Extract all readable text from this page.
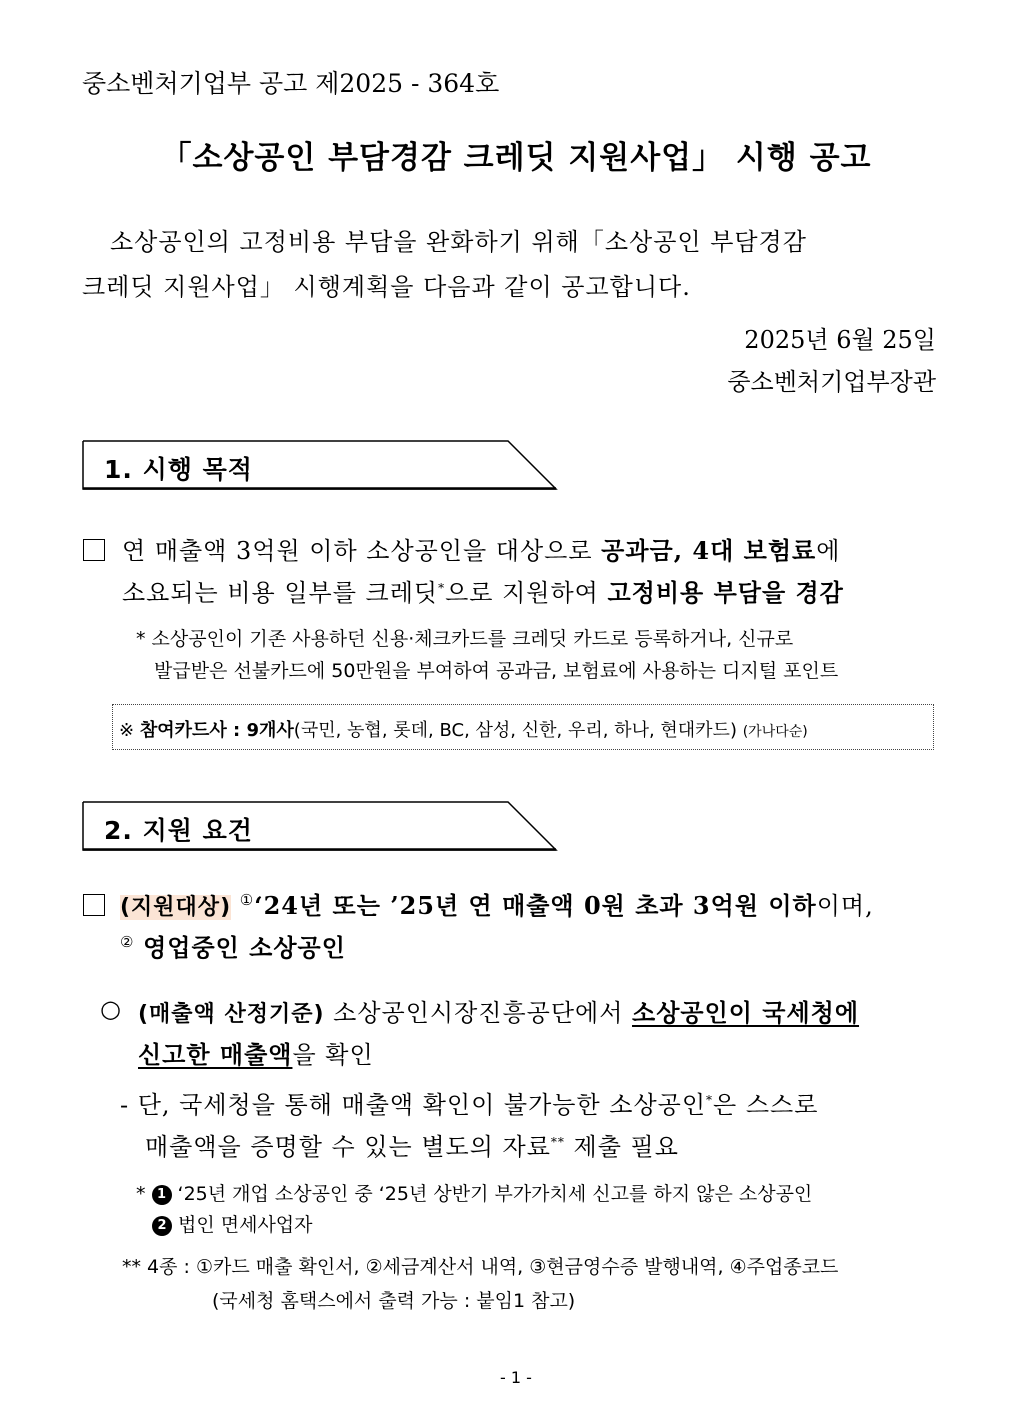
중소벤처기업부 공고 제2025 - 364호
「소상공인 부담경감 크레딧 지원사업」 시행 공고
소상공인의 고정비용 부담을 완화하기 위해「소상공인 부담경감
크레딧 지원사업」 시행계획을 다음과 같이 공고합니다.
2025년 6월 25일
중소벤처기업부장관
1. 시행 목적
연 매출액 3억원 이하 소상공인을 대상으로 공과금, 4대 보험료에
소요되는 비용 일부를 크레딧*으로 지원하여 고정비용 부담을 경감
* 소상공인이 기존 사용하던 신용·체크카드를 크레딧 카드로 등록하거나, 신규로
발급받은 선불카드에 50만원을 부여하여 공과금, 보험료에 사용하는 디지털 포인트
※ 참여카드사 : 9개사(국민, 농협, 롯데, BC, 삼성, 신한, 우리, 하나, 현대카드) (가나다순)
2. 지원 요건
(지원대상) ①‘24년 또는 ’25년 연 매출액 0원 초과 3억원 이하이며,
② 영업중인 소상공인
○ (매출액 산정기준) 소상공인시장진흥공단에서 소상공인이 국세청에
신고한 매출액을 확인
- 단, 국세청을 통해 매출액 확인이 불가능한 소상공인*은 스스로
매출액을 증명할 수 있는 별도의 자료** 제출 필요
* 1 ‘25년 개업 소상공인 중 ‘25년 상반기 부가가치세 신고를 하지 않은 소상공인
2 법인 면세사업자
** 4종 : ①카드 매출 확인서, ②세금계산서 내역, ③현금영수증 발행내역, ④주업종코드
(국세청 홈택스에서 출력 가능 : 붙임1 참고)
- 1 -
